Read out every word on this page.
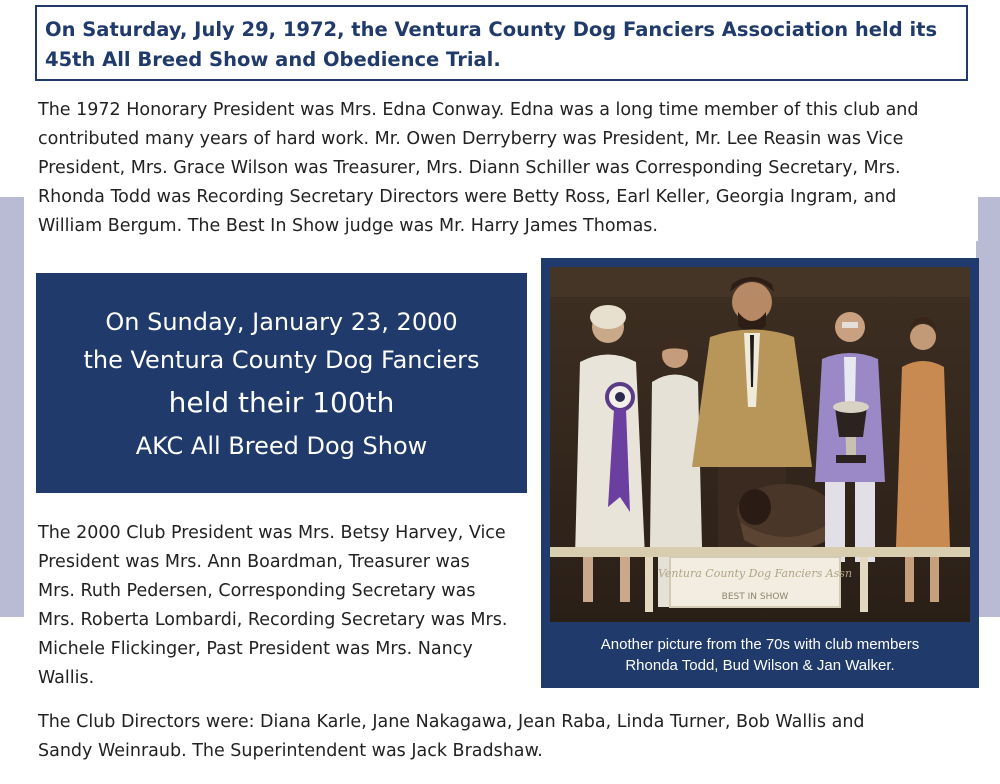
On Saturday, July 29, 1972, the Ventura County Dog Fanciers Association held its

45th All Breed Show and Obedience Trial.

The 1972 Honorary President was Mrs. Edna Conway. Edna was a long time member of this club and
contributed many years of hard work. Mr. Owen Derryberry was President, Mr. Lee Reasin was Vice
President, Mrs. Grace Wilson was Treasurer, Mrs. Diann Schiller was Corresponding Secretary, Mrs.
Rhonda Todd was Recording Secretary Directors were Betty Ross, Earl Keller, Georgia Ingram, and
William Bergum. The Best In Show judge was Mr. Harry James Thomas.
On Sunday, January 23, 2000
the Ventura County Dog Fanciers
held their 100th
AKC All Breed Dog Show
The 2000 Club President was Mrs. Betsy Harvey, Vice
President was Mrs. Ann Boardman, Treasurer was
Mrs. Ruth Pedersen, Corresponding Secretary was
Mrs. Roberta Lombardi, Recording Secretary was Mrs.
Michele Flickinger, Past President was Mrs. Nancy
Wallis.
Ventura County Dog Fanciers Assn
BEST IN SHOW
Another picture from the 70s with club members
Rhonda Todd, Bud Wilson & Jan Walker.
The Club Directors were: Diana Karle, Jane Nakagawa, Jean Raba, Linda Turner, Bob Wallis and
Sandy Weinraub. The Superintendent was Jack Bradshaw.
